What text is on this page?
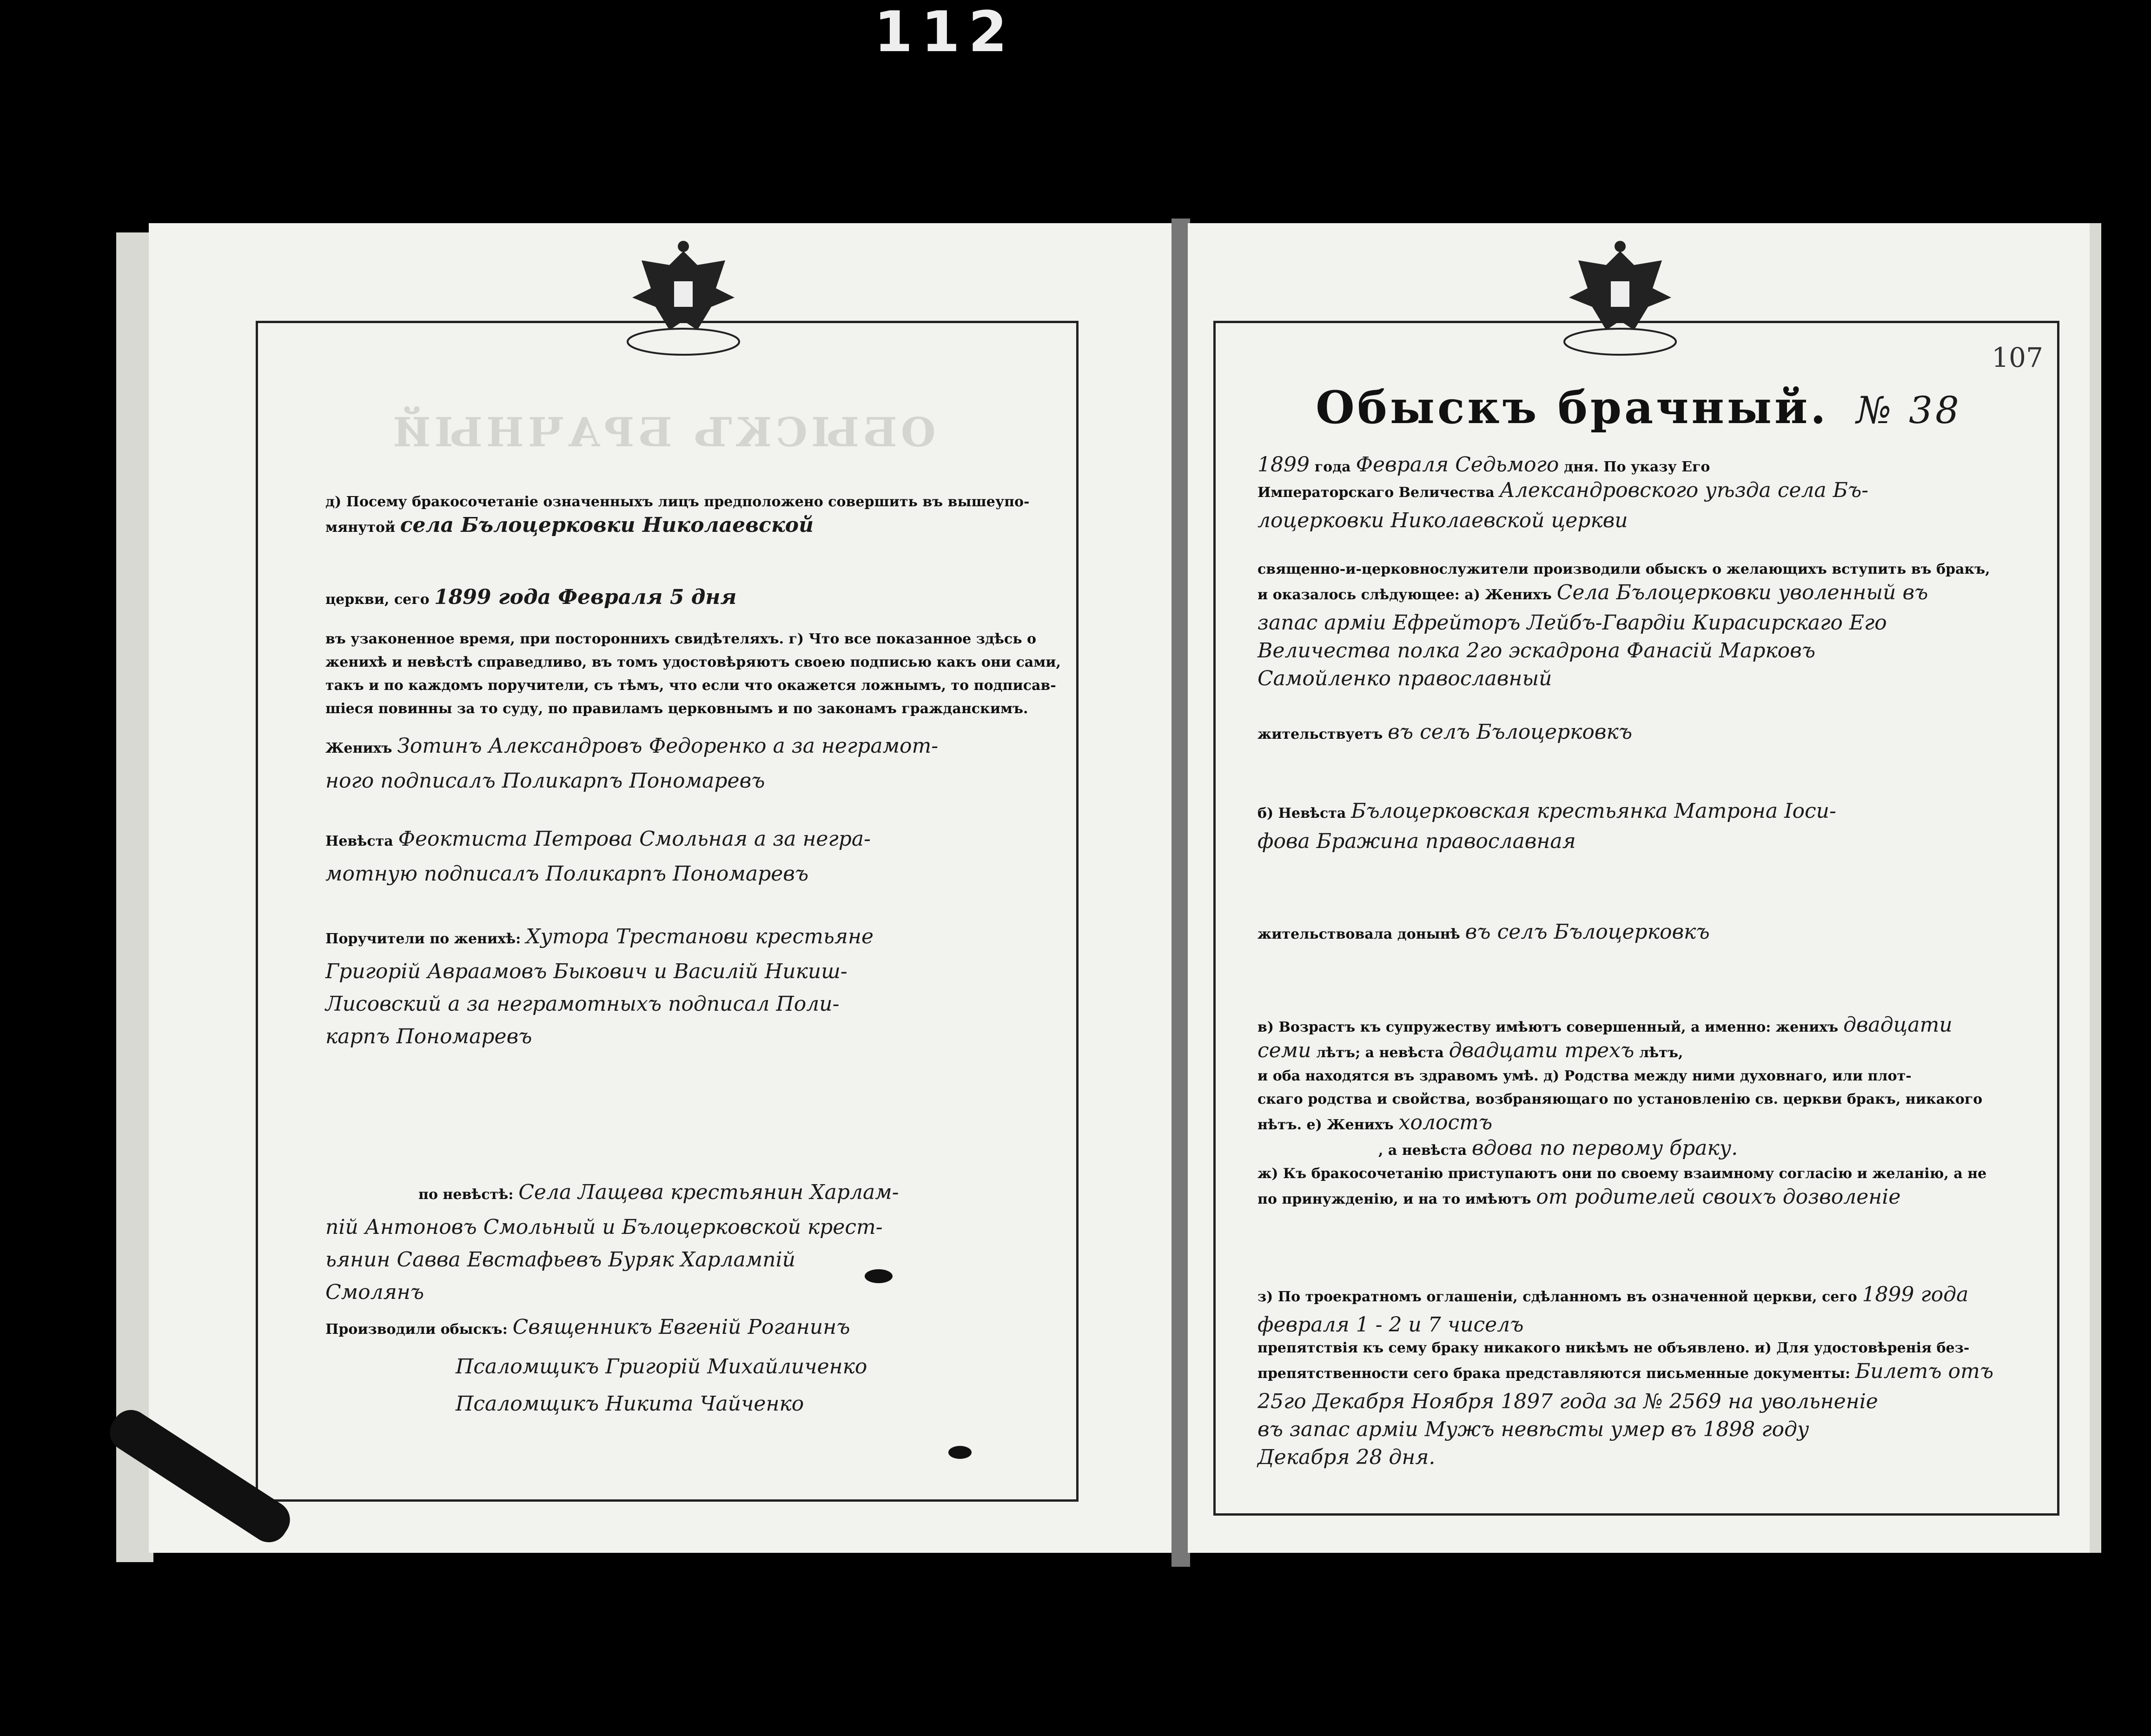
112
ОБЫСКЪ БРАЧНЫЙ
д) Посему бракосочетанiе означенныхъ лицъ предположено совершить въ вышеупо-
мянутой села Бълоцерковки Николаевской
церкви, сего 1899 года Февраля 5 дня
въ узаконенное время, при постороннихъ свидѣтеляхъ. г) Что все показанное здѣсь о
женихѣ и невѣстѣ справедливо, въ томъ удостовѣряютъ своею подписью какъ они сами,
такъ и по каждомъ поручители, съ тѣмъ, что если что окажется ложнымъ, то подписав-
шiеся повинны за то суду, по правиламъ церковнымъ и по законамъ гражданскимъ.
Женихъ Зотинъ Александровъ Федоренко а за неграмот-
ного подписалъ Поликарпъ Пономаревъ
Невѣста Феоктиста Петрова Смольная а за негра-
мотную подписалъ Поликарпъ Пономаревъ
Поручители по женихѣ: Хутора Трестанови крестьяне
Григорiй Авраамовъ Быкович и Василiй Никиш-
Лисовский а за неграмотныхъ подписал Поли-
карпъ Пономаревъ
по невѣстѣ: Села Лащева крестьянин Харлам-
пiй Антоновъ Смольный и Бълоцерковской крест-
ьянин Савва Евстафьевъ Буряк Харлампiй
Смолянъ
Производили обыскъ: Священникъ Евгенiй Роганинъ
Псаломщикъ Григорiй Михайличенко
Псаломщикъ Никита Чайченко
107
Обыскъ брачный. № 38
1899 года Февраля Седьмого дня. По указу Его
Императорскаго Величества Александровского уѣзда села Бъ-
лоцерковки Николаевской церкви
священно-и-церковнослужители производили обыскъ о желающихъ вступить въ бракъ,
и оказалось слѣдующее: а) Женихъ Села Бълоцерковки уволенный въ
запас армiи Ефрейторъ Лейбъ-Гвардiи Кирасирскаго Его
Величества полка 2го эскадрона Фанасiй Марковъ
Самойленко православный
жительствуетъ въ селъ Бълоцерковкъ
б) Невѣста Бълоцерковская крестьянка Матрона Іоси-
фова Бражина православная
жительствовала донынѣ въ селъ Бълоцерковкъ
в) Возрастъ къ супружеству имѣютъ совершенный, а именно: женихъ двадцати
семи лѣтъ; а невѣста двадцати трехъ лѣтъ,
и оба находятся въ здравомъ умѣ. д) Родства между ними духовнаго, или плот-
скаго родства и свойства, возбраняющаго по установленiю св. церкви бракъ, никакого
нѣтъ. е) Женихъ холостъ
, а невѣста вдова по первому браку.
ж) Къ бракосочетанiю приступаютъ они по своему взаимному согласiю и желанiю, а не
по принужденiю, и на то имѣютъ от родителей своихъ дозволенiе
з) По троекратномъ оглашенiи, сдѣланномъ въ означенной церкви, сего 1899 года
февраля 1 - 2 и 7 чиселъ
препятствiя къ сему браку никакого никѣмъ не объявлено. и) Для удостовѣренiя без-
препятственности сего брака представляются письменные документы: Билетъ отъ
25го Декабря Ноября 1897 года за № 2569 на увольненiе
въ запас армiи Мужъ невѣсты умер въ 1898 году
Декабря 28 дня.
